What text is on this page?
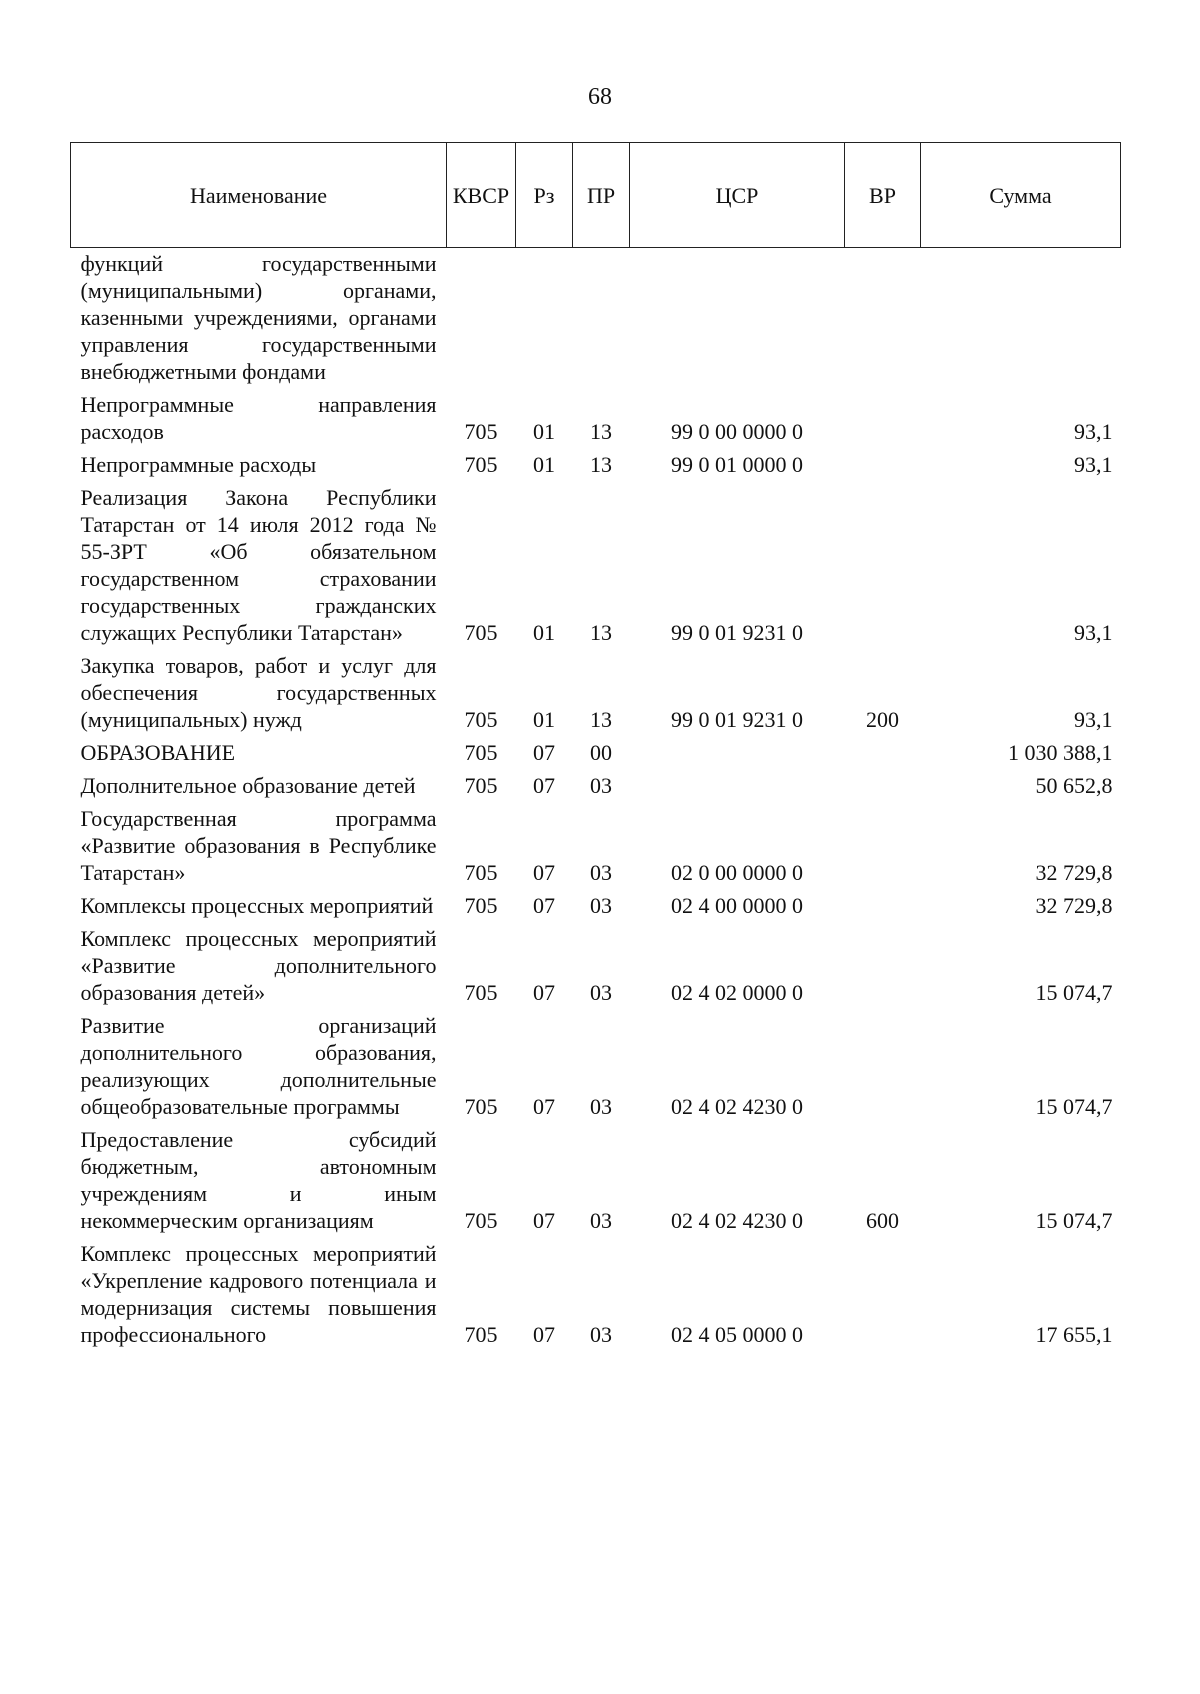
68
Наименование	КВСР	Рз	ПР	ЦСР	ВР	Сумма
функций государственными (муниципальными) органами, казенными учреждениями, органами управления государственными внебюджетными фондами						
Непрограммные направления расходов	705	01	13	99 0 00 0000 0		93,1
Непрограммные расходы	705	01	13	99 0 01 0000 0		93,1
Реализация Закона Республики Татарстан от 14 июля 2012 года № 55-ЗРТ «Об обязательном государственном страховании государственных гражданских служащих Республики Татарстан»	705	01	13	99 0 01 9231 0		93,1
Закупка товаров, работ и услуг для обеспечения государственных (муниципальных) нужд	705	01	13	99 0 01 9231 0	200	93,1
ОБРАЗОВАНИЕ	705	07	00			1 030 388,1
Дополнительное образование детей	705	07	03			50 652,8
Государственная программа «Развитие образования в Республике Татарстан»	705	07	03	02 0 00 0000 0		32 729,8
Комплексы процессных мероприятий	705	07	03	02 4 00 0000 0		32 729,8
Комплекс процессных мероприятий «Развитие дополнительного образования детей»	705	07	03	02 4 02 0000 0		15 074,7
Развитие организаций дополнительного образования, реализующих дополнительные общеобразовательные программы	705	07	03	02 4 02 4230 0		15 074,7
Предоставление субсидий бюджетным, автономным учреждениям и иным некоммерческим организациям	705	07	03	02 4 02 4230 0	600	15 074,7
Комплекс процессных мероприятий «Укрепление кадрового потенциала и модернизация системы повышения профессионального	705	07	03	02 4 05 0000 0		17 655,1
